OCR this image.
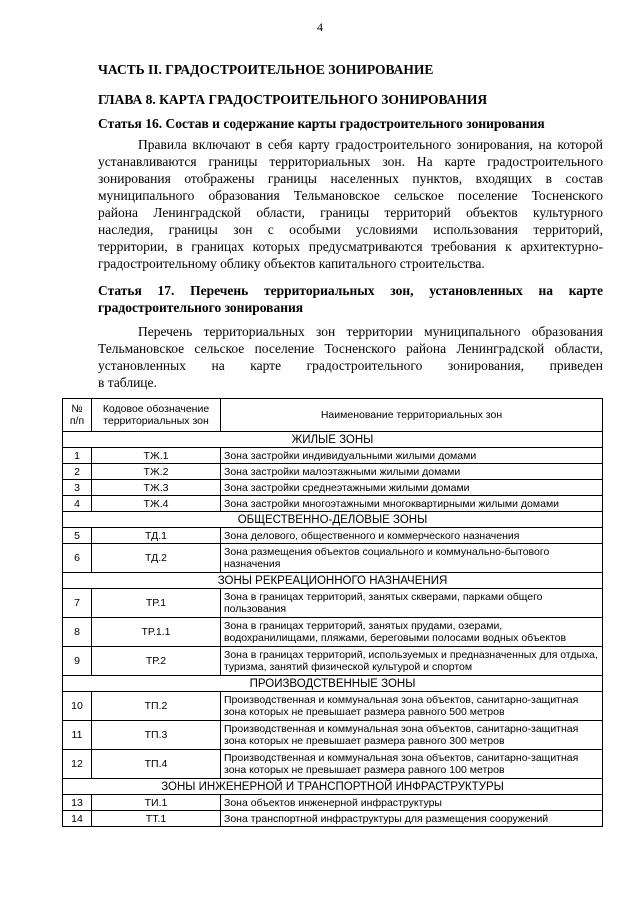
4
ЧАСТЬ II. ГРАДОСТРОИТЕЛЬНОЕ ЗОНИРОВАНИЕ
ГЛАВА 8. КАРТА ГРАДОСТРОИТЕЛЬНОГО ЗОНИРОВАНИЯ
Статья 16. Состав и содержание карты градостроительного зонирования
Правила включают в себя карту градостроительного зонирования, на которой
устанавливаются границы территориальных зон. На карте градостроительного
зонирования отображены границы населенных пунктов, входящих в состав
муниципального образования Тельмановское сельское поселение Тосненского
района Ленинградской области, границы территорий объектов культурного
наследия, границы зон с особыми условиями использования территорий,
территории, в границах которых предусматриваются требования к архитектурно-
градостроительному облику объектов капитального строительства.
Статья 17. Перечень территориальных зон, установленных на карте
градостроительного зонирования
Перечень территориальных зон территории муниципального образования
Тельмановское сельское поселение Тосненского района Ленинградской области,
установленных на карте градостроительного зонирования, приведен
в таблице.
№ п/п	Кодовое обозначение территориальных зон	Наименование территориальных зон
ЖИЛЫЕ ЗОНЫ		
1	ТЖ.1	Зона застройки индивидуальными жилыми домами
2	ТЖ.2	Зона застройки малоэтажными жилыми домами
3	ТЖ.3	Зона застройки среднеэтажными жилыми домами
4	ТЖ.4	Зона застройки многоэтажными многоквартирными жилыми домами
ОБЩЕСТВЕННО-ДЕЛОВЫЕ ЗОНЫ		
5	ТД.1	Зона делового, общественного и коммерческого назначения
6	ТД.2	Зона размещения объектов социального и коммунально-бытового назначения
ЗОНЫ РЕКРЕАЦИОННОГО НАЗНАЧЕНИЯ		
7	ТР.1	Зона в границах территорий, занятых скверами, парками общего пользования
8	ТР.1.1	Зона в границах территорий, занятых прудами, озерами, водохранилищами, пляжами, береговыми полосами водных объектов
9	ТР.2	Зона в границах территорий, используемых и предназначенных для отдыха, туризма, занятий физической культурой и спортом
ПРОИЗВОДСТВЕННЫЕ ЗОНЫ		
10	ТП.2	Производственная и коммунальная зона объектов, санитарно-защитная зона которых не превышает размера равного 500 метров
11	ТП.3	Производственная и коммунальная зона объектов, санитарно-защитная зона которых не превышает размера равного 300 метров
12	ТП.4	Производственная и коммунальная зона объектов, санитарно-защитная зона которых не превышает размера равного 100 метров
ЗОНЫ ИНЖЕНЕРНОЙ И ТРАНСПОРТНОЙ ИНФРАСТРУКТУРЫ		
13	ТИ.1	Зона объектов инженерной инфраструктуры
14	ТТ.1	Зона транспортной инфраструктуры для размещения сооружений
